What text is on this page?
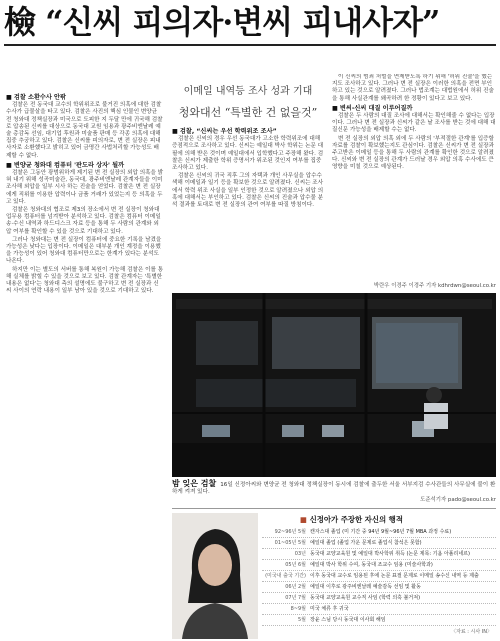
檢 “신씨 피의자·변씨 피내사자”
■ 검찰 소환수사 안팎

검찰은 전 동국대 교수의 학위위조로 불거진 의혹에 대한 검찰 수사가 급물살을 타고 있다. 검찰은 사진의 핵심 인물인 변양균 전 청와대 정책실장과 미국으로 도피한 지 두달 만에 귀국해 검찰로 압송된 신씨를 대상으로 동국대 교원 임용과 광주비엔날레 예술 총감독 선임, 대기업 후원과 미술품 판매 등 각종 의혹에 대해 집중 추궁하고 있다. 검찰은 신씨를 피의자로, 변 전 실장은 피내사자로 소환했다고 밝히고 있어 금명간 사법처리할 가능성도 배제할 수 없다.

■ 변양균 청와대 컴퓨터 '판도라 상자' 될까

검찰은 그동안 광범위하게 제기된 변 전 실장의 외압 의혹을 밝혀 내기 위해 성곡미술관, 동국대, 광주비엔날레 관계자들을 이미 조사해 외압을 일부 시사 하는 진술을 얻었다. 검찰은 변 전 실장에게 직위를 이용한 압력이나 금품 거래가 있었는지 등 의혹을 두고 있다.

검찰은 청와대의 협조로 제3의 장소에서 변 전 실장이 청와대 업무용 컴퓨터를 넘겨받아 분석하고 있다. 검찰은 컴퓨터 이메일 송·수신 내역과 하드디스크 자료 등을 통해 두 사람의 관계와 외압 여부를 확인할 수 있을 것으로 기대하고 있다.

그러나 청와대는 변 전 실장이 컴퓨터에 중요한 기록을 남겼을 가능성은 낮다는 입장이다. 이메일은 대부분 개인 계정을 이용했을 가능성이 있어 청와대 컴퓨터만으로는 한계가 있다는 분석도 나온다.

하지만 이는 별도의 서버를 통해 복원이 가능해 검찰은 이를 통해 실체를 밝힐 수 있을 것으로 보고 있다. 검찰 관계자는 '특별한 내용은 없다'는 청와대 측의 설명에도 불구하고 변 전 실장과 신씨 사이의 연락 내용이 일부 남아 있을 것으로 기대하고 있다.

이메일 내역등 조사 성과 기대
청와대선 “특별한 건 없을것”
■ 검찰, “신씨는 우선 학력위조 조사”

검찰은 신씨의 경우 우선 동국대가 고소한 학력위조에 대해 증점적으로 조사하고 있다. 신씨는 예일대 박사 학위는 논문 대필에 의해 받은 것이며 예일대에서 입학했다고 주장해 왔다. 검찰은 신씨가 제출한 학위 증명서가 위조된 것인지 여부를 집중 조사하고 있다.

검찰은 신씨의 귀국 직후 그의 자택과 개인 사무실을 압수수색해 이메일과 일기 등을 확보한 것으로 알려졌다. 신씨는 조사에서 학력 위조 사실을 일부 인정한 것으로 알려졌으나 외압 의혹에 대해서는 부인하고 있다. 검찰은 신씨의 진술과 압수물 분석 결과를 토대로 변 전 실장의 관여 여부를 따질 방침이다.

이 신씨의 범죄 처벌을 면제받도록 하기 위해 '허위 진술'을 했는지도 조사하고 있다. 그러나 변 전 실장은 이러한 의혹을 전면 부인하고 있는 것으로 알려졌다. 그러나 법조계는 대법원에서 허위 진술을 통해 사실관계를 왜곡하려 한 정황이 있다고 보고 있다.

■ 변씨-신씨 대질 이루어질까

검찰은 두 사람의 대질 조사에 대해서는 확인해줄 수 없다는 입장이다. 그러나 변 전 실장과 신씨가 같은 날 조사를 받는 것에 대해 대질신문 가능성을 배제할 수는 없다.

변 전 실장의 외압 의혹 외에 두 사람의 '부적절한 관계'를 입증할 자료를 검찰이 확보했는지도 관심이다. 검찰은 신씨가 변 전 실장과 주고받은 이메일 등을 통해 두 사람의 관계를 확인한 것으로 알려졌다. 신씨와 변 전 실장의 관계가 드러날 경우 외압 의혹 수사에도 큰 영향을 미칠 것으로 예상된다.

박란우 이경주 이경주 기자 kdhrdwn@seoul.co.kr
밤 잊은 검찰 16일 신정아씨와 변양균 전 청와대 정책실장이 동시에 검찰에 출두한 서울 서부지검 수사관들의 사무실에 불이 환하게 켜져 있다.
도준석기자 pado@seoul.co.kr
■ 신정아가 주장한 자신의 행적
92~96년 5월 캔자스대 졸업 (미 기간 중 94년 9월~96년 7월 MBA 과정 수료)
01~05년 5월 예일대 졸업 (졸업 가운 문제로 졸업식 참석은 못함)
03년 동국대 교양교육원 및 예일대 박사학위 취득 (논문 제목: 기욤 아폴리네르)
05년 6월 예일대 박사 학위 수여, 동국대 조교수 임용 (미술사학과)
(미국내 출국 기간) 이후 동국대 교수로 임용된 후에 논문 표절 문제로 이메일 송수신 내역 등 제출
06년 2월 예일대 이후로 광주비엔날레 예술감독 선임 및 활동
07년 7월 동국대 교양교육원 교수직 사임 (학력 의혹 불거져)
8~9월 미국 체류 후 귀국
5월 장윤 스님 당시 동국대 이사회 해임
〈자료 : 시사 IN〉
